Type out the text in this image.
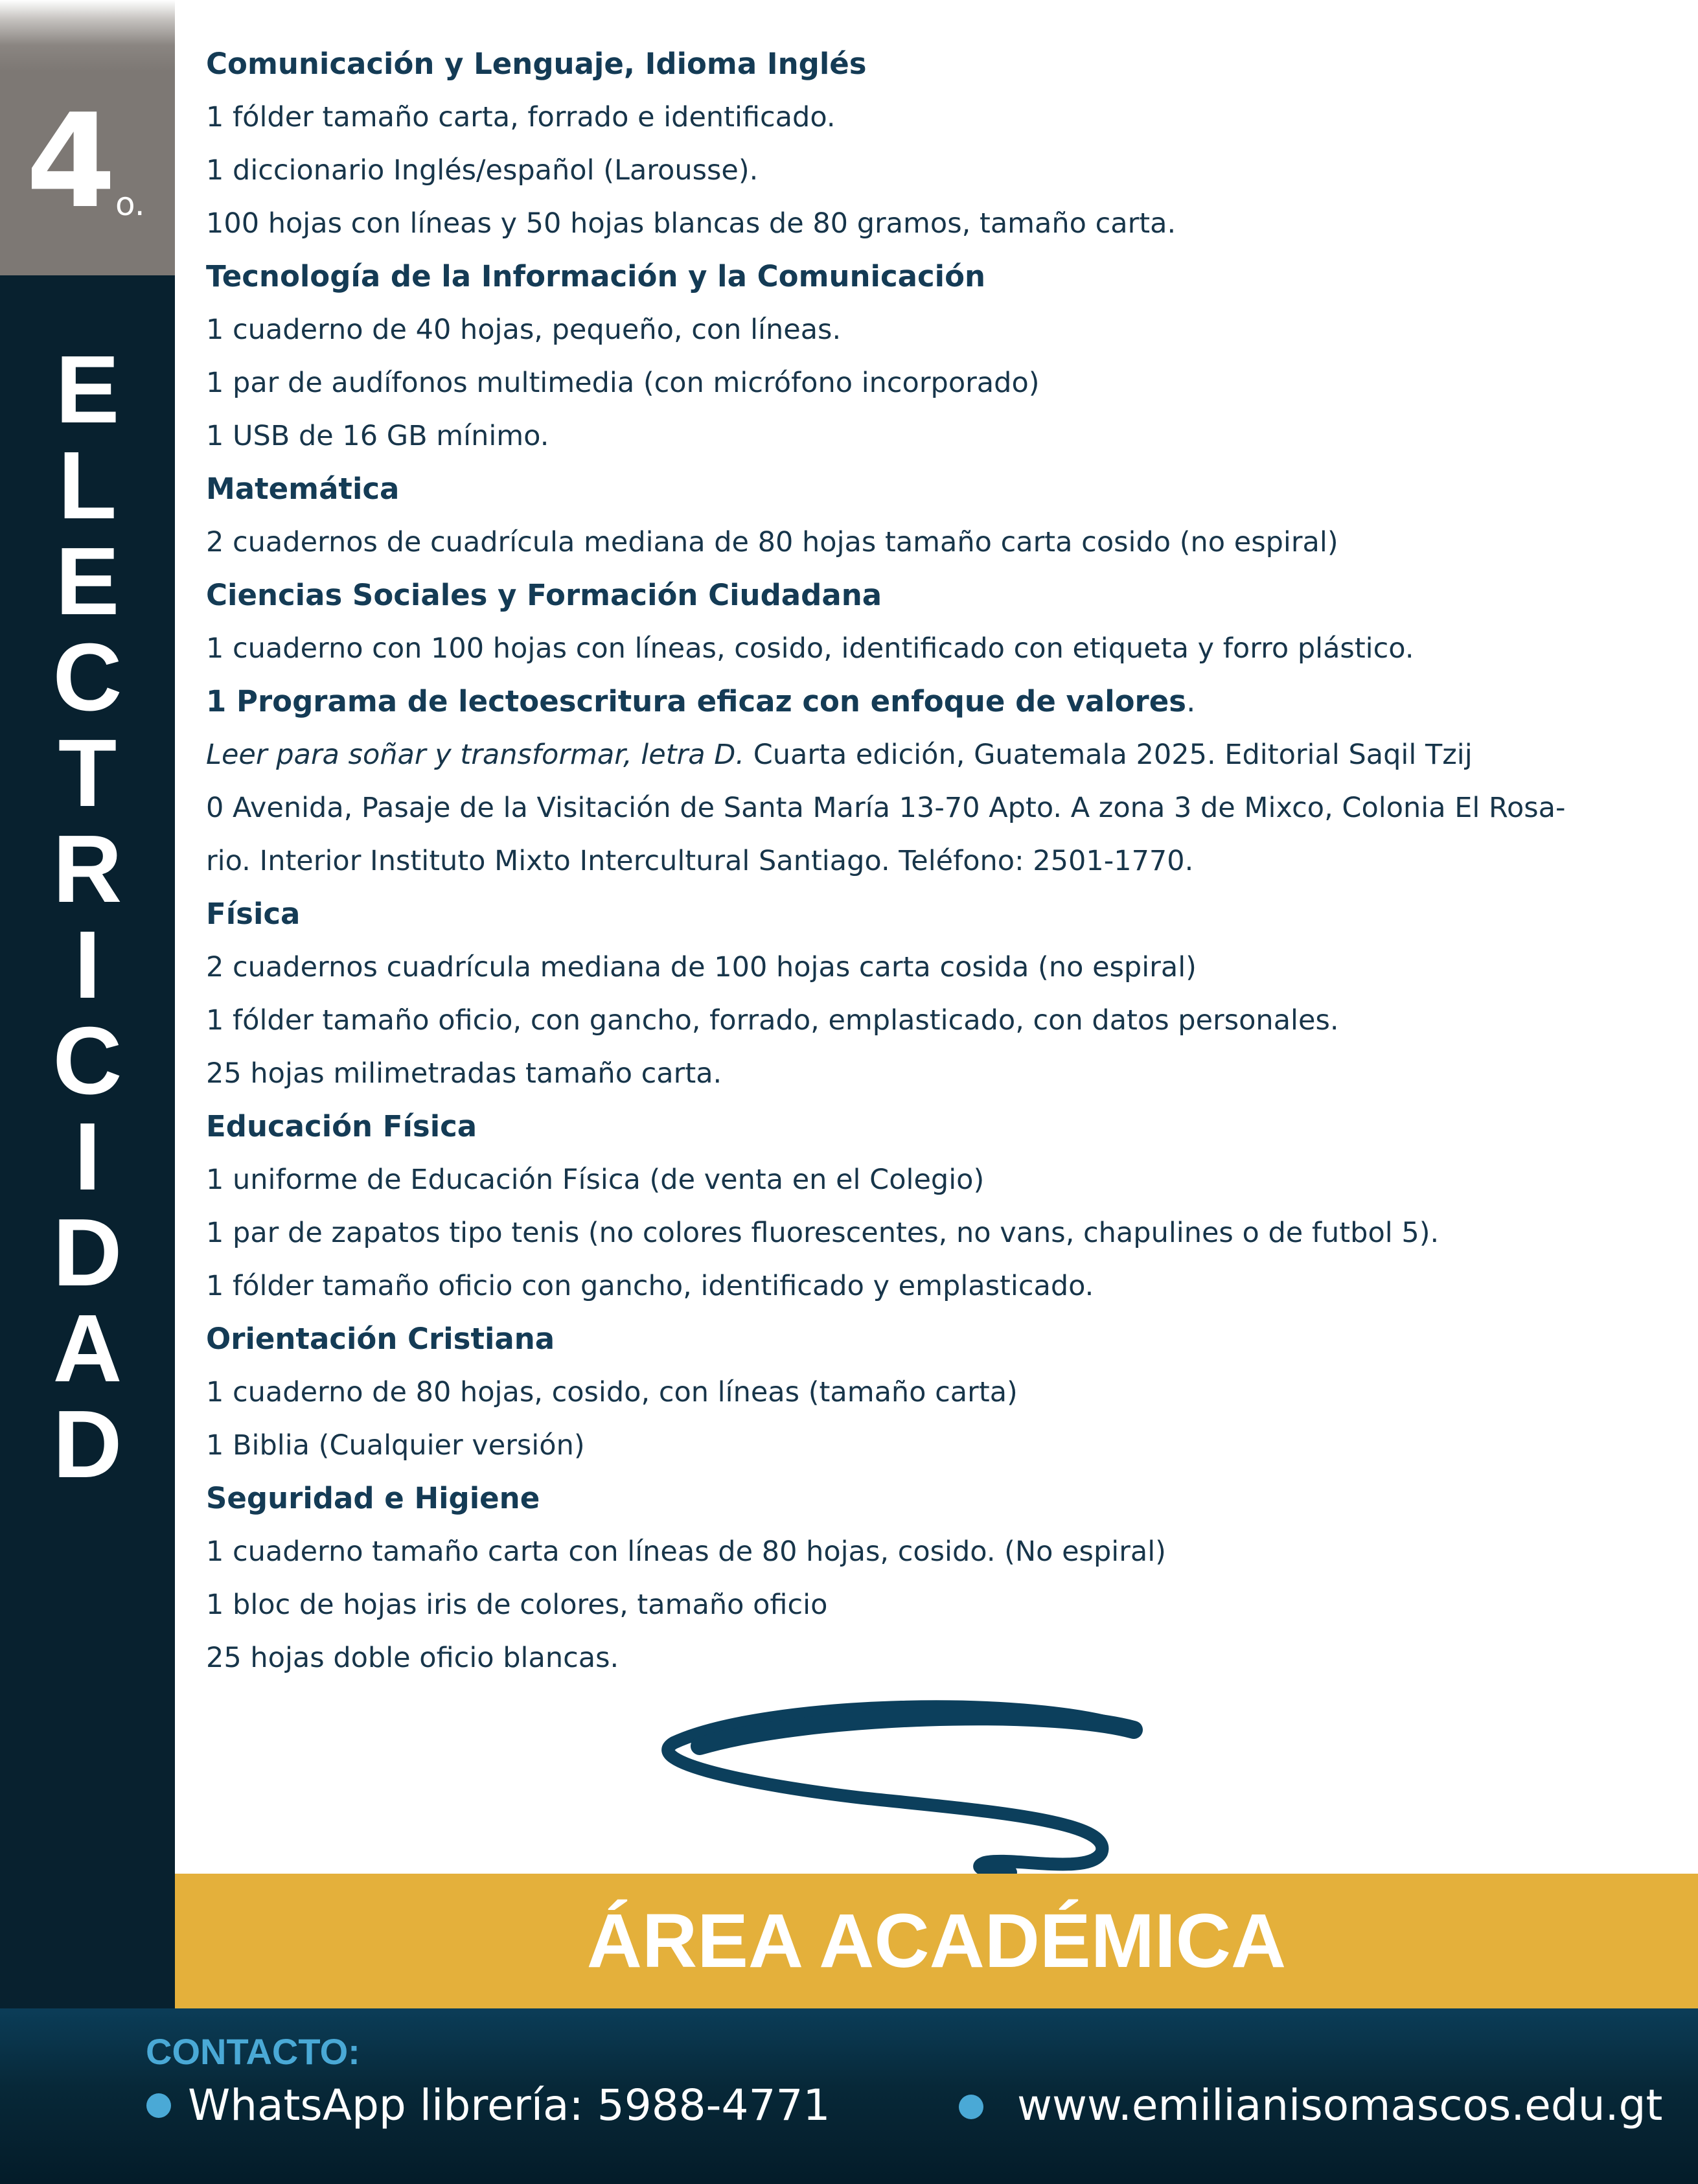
4
o.
E
L
E
C
T
R
I
C
I
D
A
D
Comunicación y Lenguaje, Idioma Inglés
1 fólder tamaño carta, forrado e identificado.
1 diccionario Inglés/español (Larousse).
100 hojas con líneas y 50 hojas blancas de 80 gramos, tamaño carta.
Tecnología de la Información y la Comunicación
1 cuaderno de 40 hojas, pequeño, con líneas.
1 par de audífonos multimedia (con micrófono incorporado)
1 USB de 16 GB mínimo.
Matemática
2 cuadernos de cuadrícula mediana de 80 hojas tamaño carta cosido (no espiral)
Ciencias Sociales y Formación Ciudadana
1 cuaderno con 100 hojas con líneas, cosido, identificado con etiqueta y forro plástico.
1 Programa de lectoescritura eficaz con enfoque de valores.
Leer para soñar y transformar, letra D. Cuarta edición, Guatemala 2025. Editorial Saqil Tzij
0 Avenida, Pasaje de la Visitación de Santa María 13-70 Apto. A zona 3 de Mixco, Colonia El Rosa-
rio. Interior Instituto Mixto Intercultural Santiago. Teléfono: 2501-1770.
Física
2 cuadernos cuadrícula mediana de 100 hojas carta cosida (no espiral)
1 fólder tamaño oficio, con gancho, forrado, emplasticado, con datos personales.
25 hojas milimetradas tamaño carta.
Educación Física
1 uniforme de Educación Física (de venta en el Colegio)
1 par de zapatos tipo tenis (no colores fluorescentes, no vans, chapulines o de futbol 5).
1 fólder tamaño oficio con gancho, identificado y emplasticado.
Orientación Cristiana
1 cuaderno de 80 hojas, cosido, con líneas (tamaño carta)
1 Biblia (Cualquier versión)
Seguridad e Higiene
1 cuaderno tamaño carta con líneas de 80 hojas, cosido. (No espiral)
1 bloc de hojas iris de colores, tamaño oficio
25 hojas doble oficio blancas.
ÁREA ACADÉMICA
CONTACTO:
WhatsApp librería: 5988-4771	www.emilianisomascos.edu.gt
